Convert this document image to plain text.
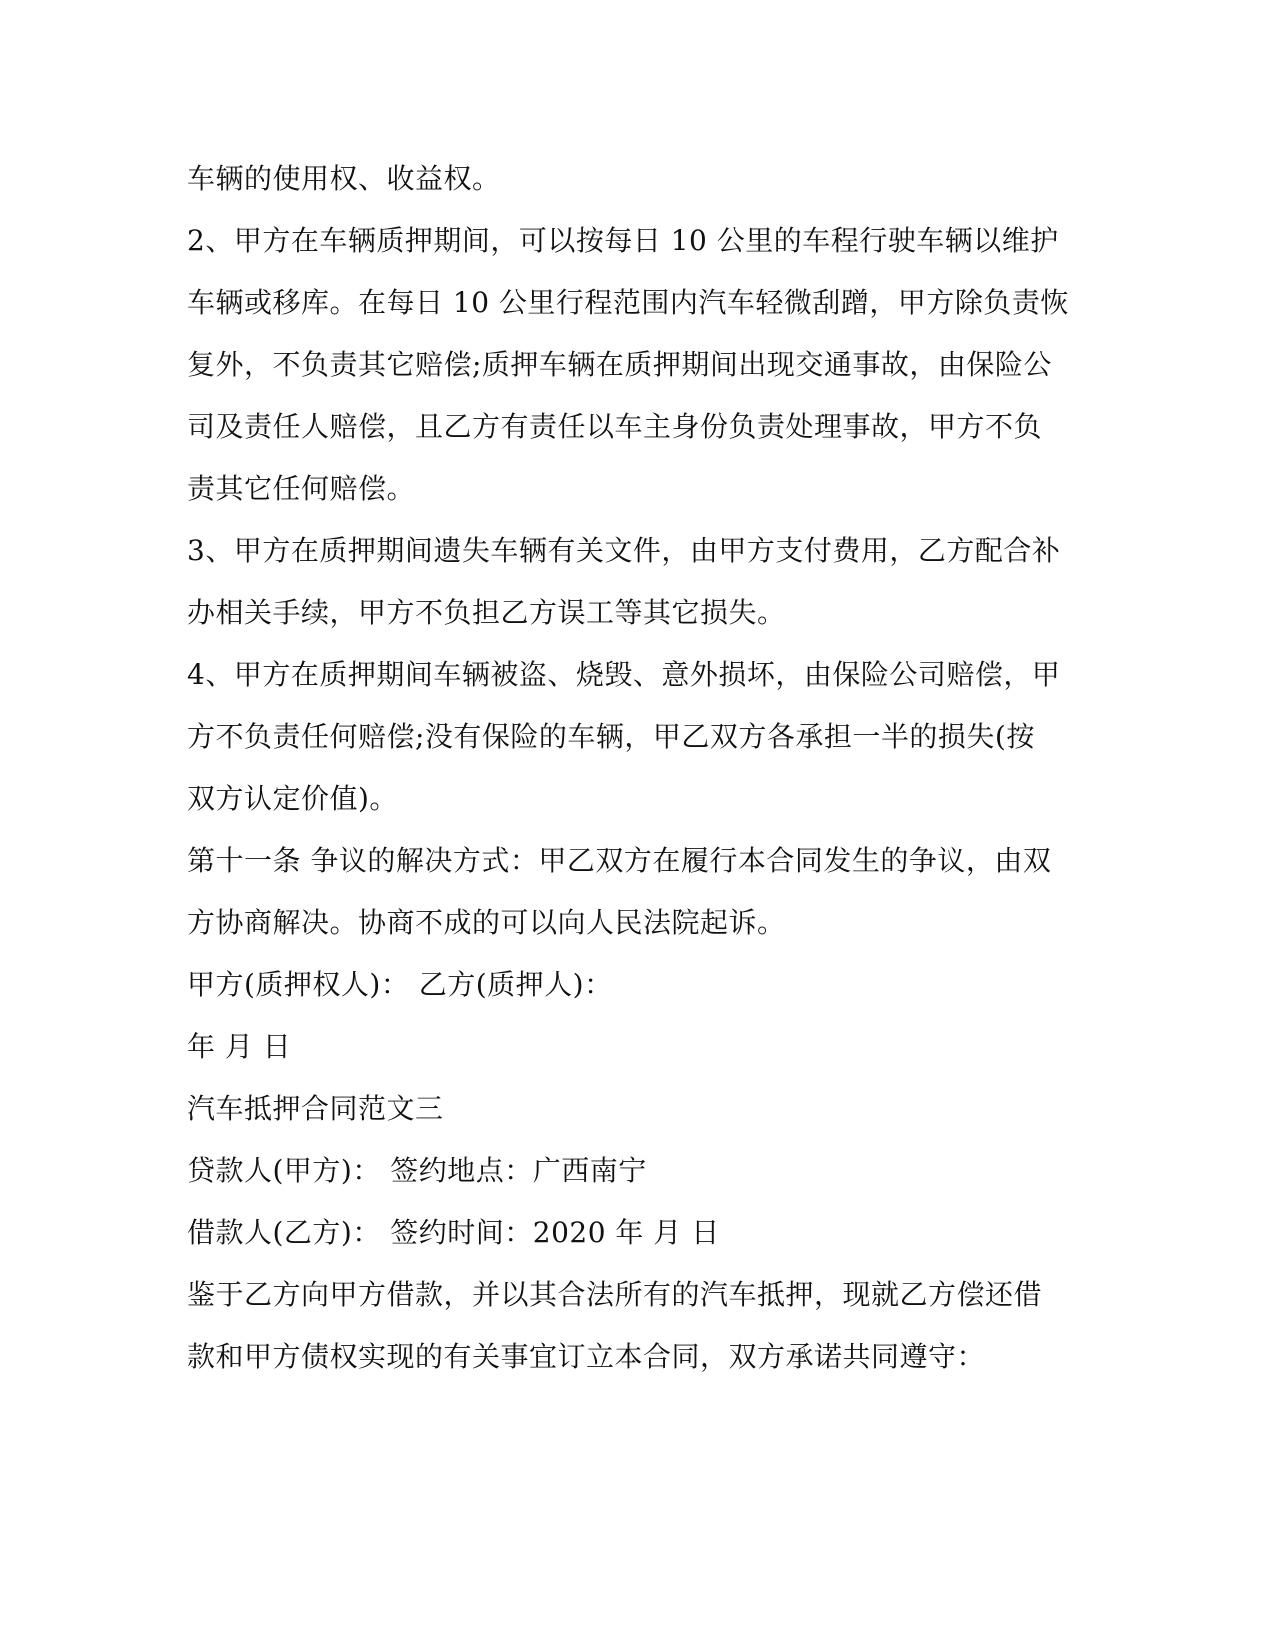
车辆的使用权、收益权。
2、甲方在车辆质押期间，可以按每日 10 公里的车程行驶车辆以维护
车辆或移库。在每日 10 公里行程范围内汽车轻微刮蹭，甲方除负责恢
复外，不负责其它赔偿;质押车辆在质押期间出现交通事故，由保险公
司及责任人赔偿，且乙方有责任以车主身份负责处理事故，甲方不负
责其它任何赔偿。
3、甲方在质押期间遗失车辆有关文件，由甲方支付费用，乙方配合补
办相关手续，甲方不负担乙方误工等其它损失。
4、甲方在质押期间车辆被盗、烧毁、意外损坏，由保险公司赔偿，甲
方不负责任何赔偿;没有保险的车辆，甲乙双方各承担一半的损失(按
双方认定价值)。
第十一条 争议的解决方式：甲乙双方在履行本合同发生的争议，由双
方协商解决。协商不成的可以向人民法院起诉。
甲方(质押权人)： 乙方(质押人)：
年 月 日
汽车抵押合同范文三
贷款人(甲方)： 签约地点：广西南宁
借款人(乙方)： 签约时间：2020 年 月 日
鉴于乙方向甲方借款，并以其合法所有的汽车抵押，现就乙方偿还借
款和甲方债权实现的有关事宜订立本合同，双方承诺共同遵守：
